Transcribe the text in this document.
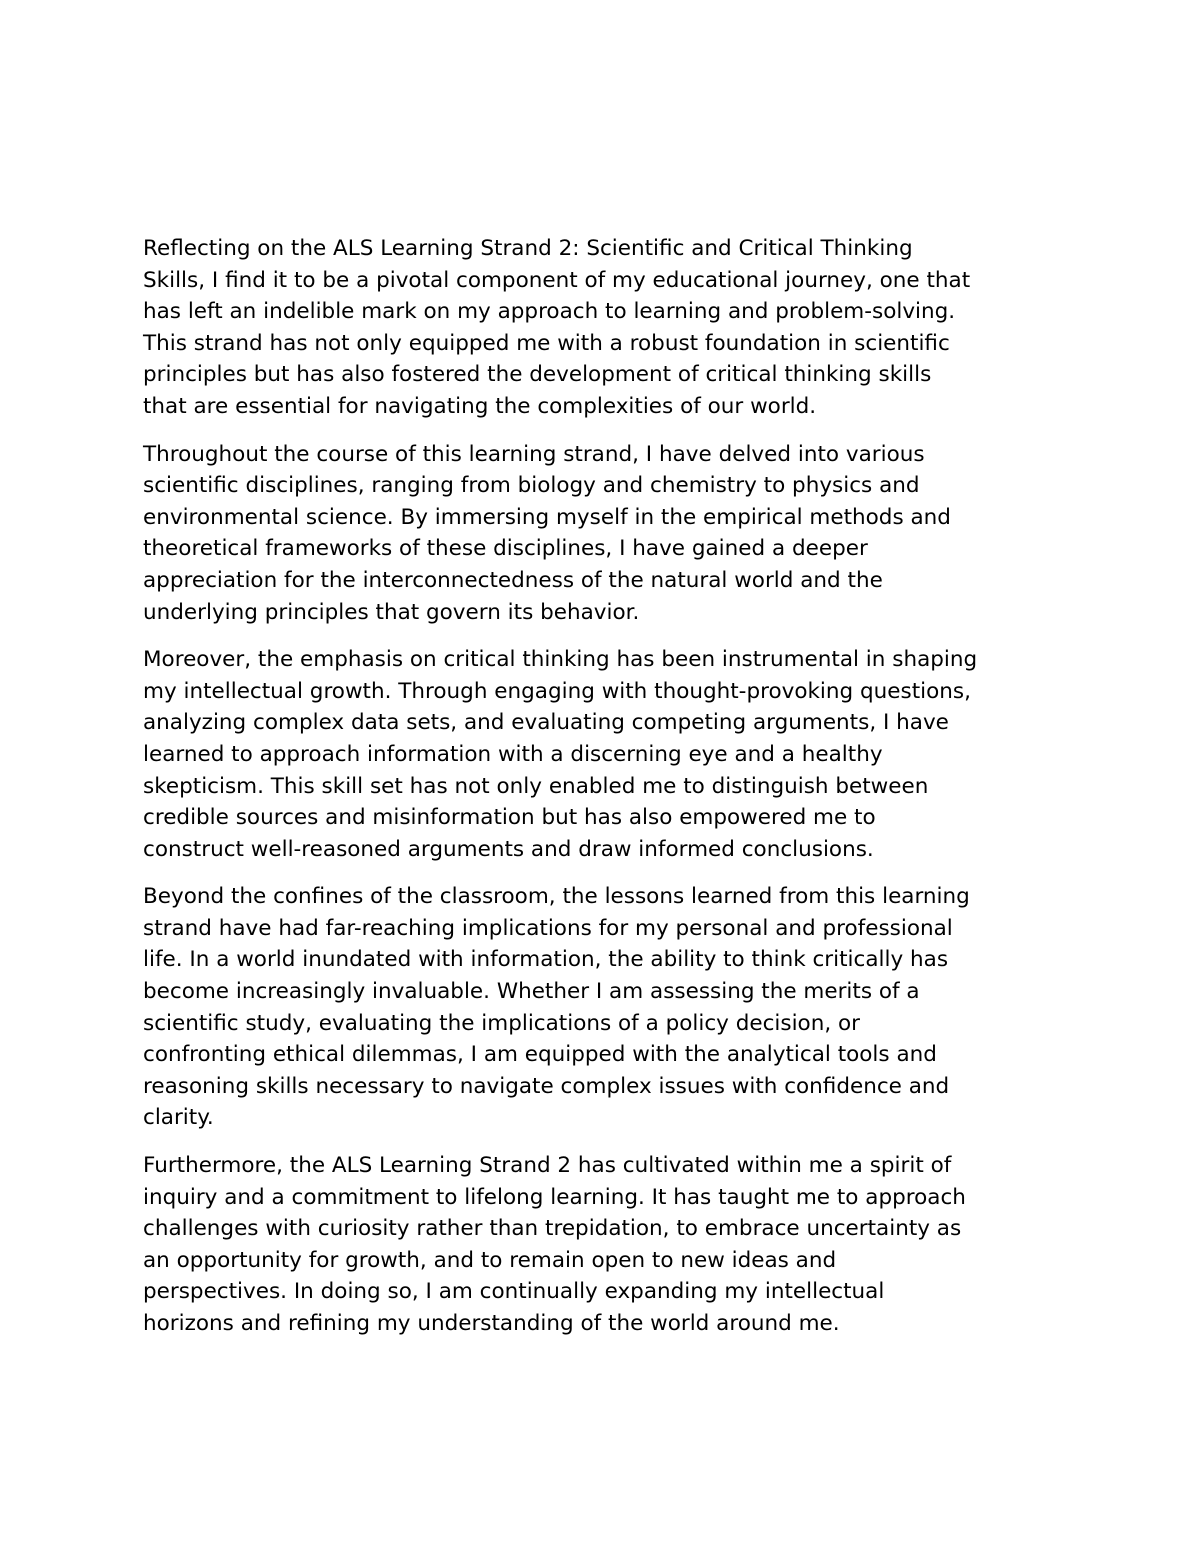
Reflecting on the ALS Learning Strand 2: Scientific and Critical Thinking
Skills, I find it to be a pivotal component of my educational journey, one that
has left an indelible mark on my approach to learning and problem-solving.
This strand has not only equipped me with a robust foundation in scientific
principles but has also fostered the development of critical thinking skills
that are essential for navigating the complexities of our world.

Throughout the course of this learning strand, I have delved into various
scientific disciplines, ranging from biology and chemistry to physics and
environmental science. By immersing myself in the empirical methods and
theoretical frameworks of these disciplines, I have gained a deeper
appreciation for the interconnectedness of the natural world and the
underlying principles that govern its behavior.

Moreover, the emphasis on critical thinking has been instrumental in shaping
my intellectual growth. Through engaging with thought-provoking questions,
analyzing complex data sets, and evaluating competing arguments, I have
learned to approach information with a discerning eye and a healthy
skepticism. This skill set has not only enabled me to distinguish between
credible sources and misinformation but has also empowered me to
construct well-reasoned arguments and draw informed conclusions.

Beyond the confines of the classroom, the lessons learned from this learning
strand have had far-reaching implications for my personal and professional
life. In a world inundated with information, the ability to think critically has
become increasingly invaluable. Whether I am assessing the merits of a
scientific study, evaluating the implications of a policy decision, or
confronting ethical dilemmas, I am equipped with the analytical tools and
reasoning skills necessary to navigate complex issues with confidence and
clarity.

Furthermore, the ALS Learning Strand 2 has cultivated within me a spirit of
inquiry and a commitment to lifelong learning. It has taught me to approach
challenges with curiosity rather than trepidation, to embrace uncertainty as
an opportunity for growth, and to remain open to new ideas and
perspectives. In doing so, I am continually expanding my intellectual
horizons and refining my understanding of the world around me.
